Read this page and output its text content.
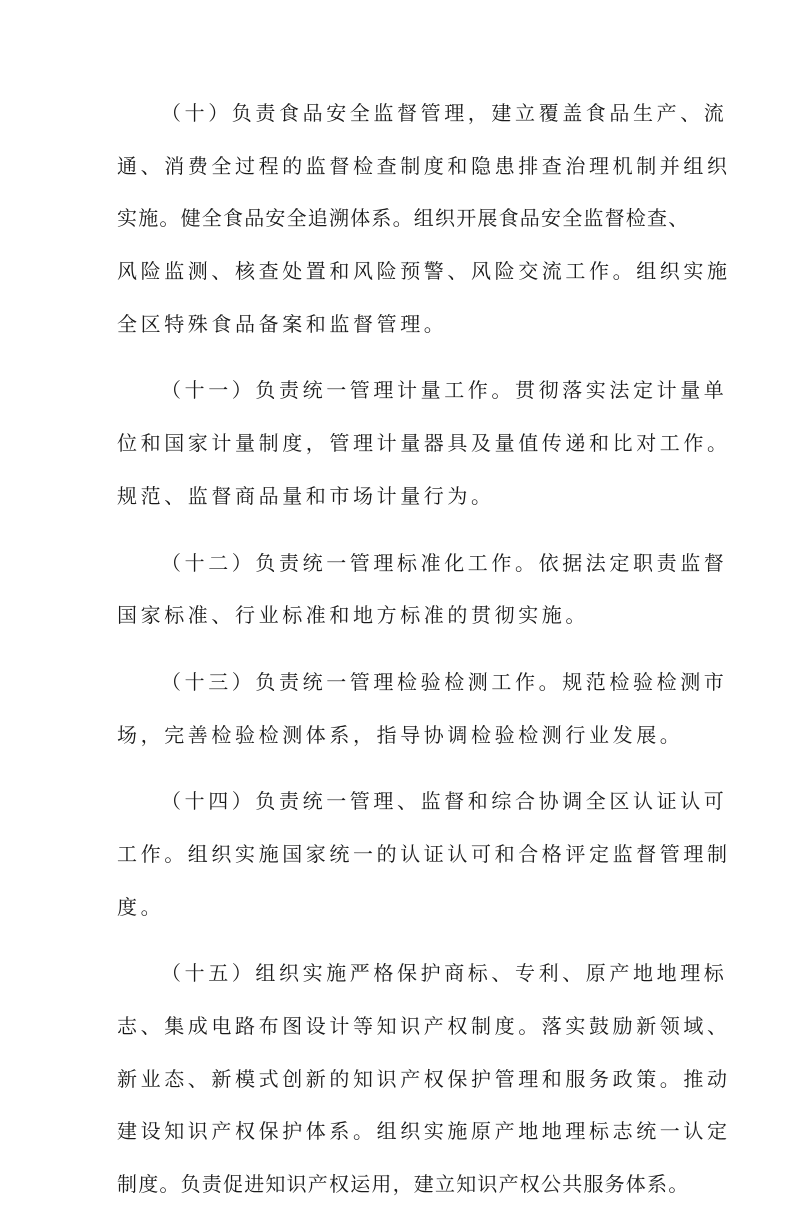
（十）负责食品安全监督管理，建立覆盖食品生产、流
通、消费全过程的监督检查制度和隐患排查治理机制并组织
实施。健全食品安全追溯体系。组织开展食品安全监督检查、
风险监测、核查处置和风险预警、风险交流工作。组织实施
全区特殊食品备案和监督管理。

（十一）负责统一管理计量工作。贯彻落实法定计量单
位和国家计量制度，管理计量器具及量值传递和比对工作。
规范、监督商品量和市场计量行为。

（十二）负责统一管理标准化工作。依据法定职责监督
国家标准、行业标准和地方标准的贯彻实施。

（十三）负责统一管理检验检测工作。规范检验检测市
场，完善检验检测体系，指导协调检验检测行业发展。

（十四）负责统一管理、监督和综合协调全区认证认可
工作。组织实施国家统一的认证认可和合格评定监督管理制
度。

（十五）组织实施严格保护商标、专利、原产地地理标
志、集成电路布图设计等知识产权制度。落实鼓励新领域、
新业态、新模式创新的知识产权保护管理和服务政策。推动
建设知识产权保护体系。组织实施原产地地理标志统一认定
制度。负责促进知识产权运用，建立知识产权公共服务体系。
